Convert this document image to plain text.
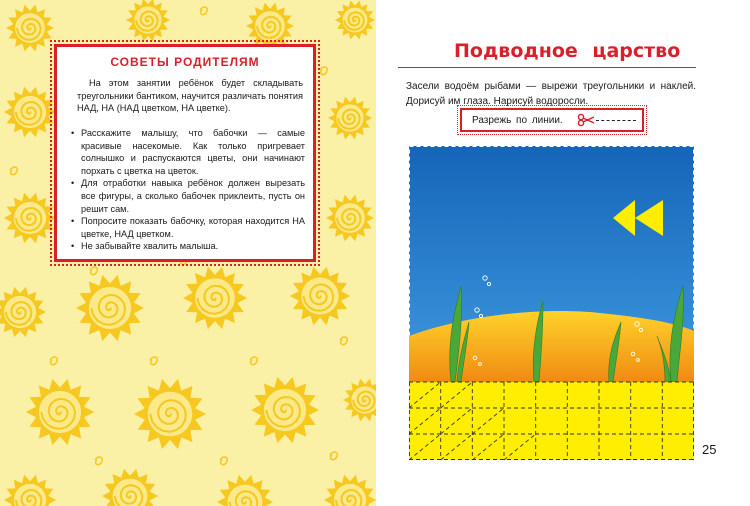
СОВЕТЫ РОДИТЕЛЯМ
На этом занятии ребёнок будет складывать треугольники бантиком, научится различать понятия НАД, НА (НАД цветком, НА цветке).
• Расскажите малышу, что бабочки — самые красивые насекомые. Как только пригревает солнышко и распускаются цветы, они начинают порхать с цветка на цветок.
• Для отработки навыка ребёнок должен вырезать все фигуры, а сколько бабочек приклеить, пусть он решит сам.
• Попросите показать бабочку, которая находится НА цветке, НАД цветком.
• Не забывайте хвалить малыша.
Подводное царство
Засели водоём рыбами — вырежи треугольники и наклей. Дорисуй им глаза. Нарисуй водоросли.
Разрежь по линии.
25
